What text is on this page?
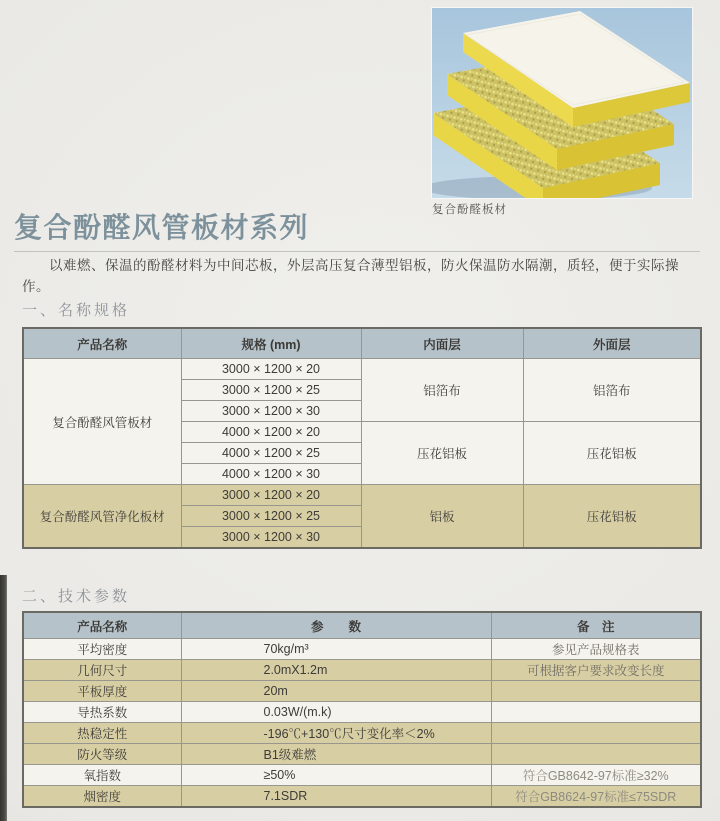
复合酚醛板材
复合酚醛风管板材系列

以难燃、保温的酚醛材料为中间芯板，外层高压复合薄型铝板，防火保温防水隔潮，质轻，便于实际操作。

一、名称规格
产品名称	规格 (mm)	内面层	外面层
复合酚醛风管板材	3000 × 1200 × 20	铝箔布	铝箔布
	3000 × 1200 × 25		
	3000 × 1200 × 30		
	4000 × 1200 × 20	压花铝板	压花铝板
	4000 × 1200 × 25		
	4000 × 1200 × 30		
复合酚醛风管净化板材	3000 × 1200 × 20	铝板	压花铝板
	3000 × 1200 × 25		
	3000 × 1200 × 30		
二、技术参数
产品名称	参　　数	备　注
平均密度	70kg/m³	参见产品规格表
几何尺寸	2.0mX1.2m	可根据客户要求改变长度
平板厚度	20m	
导热系数	0.03W/(m.k)	
热稳定性	-196℃+130℃尺寸变化率＜2%	
防火等级	B1级难燃	
氧指数	≥50%	符合GB8642-97标准≥32%
烟密度	7.1SDR	符合GB8624-97标准≤75SDR
